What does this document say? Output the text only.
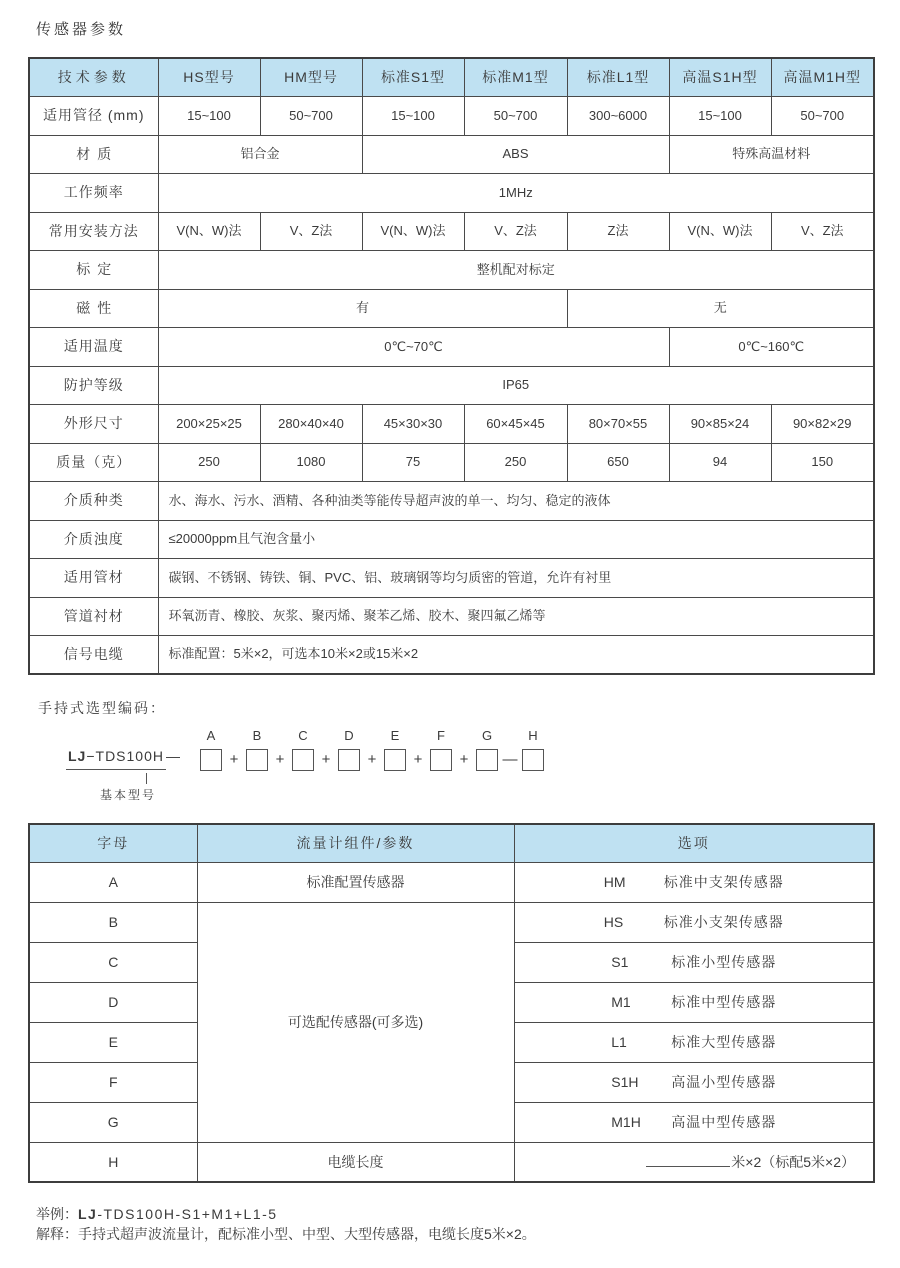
传感器参数
技术参数	HS型号	HM型号	标准S1型	标准M1型	标准L1型	高温S1H型	高温M1H型
适用管径 (mm)	15~100	50~700	15~100	50~700	300~6000	15~100	50~700
材质	铝合金		ABS			特殊高温材料	
工作频率	1MHz						
常用安装方法	V(N、W)法	V、Z法	V(N、W)法	V、Z法	Z法	V(N、W)法	V、Z法
标定	整机配对标定						
磁性	有				无		
适用温度	0℃~70℃					0℃~160℃	
防护等级	IP65						
外形尺寸	200×25×25	280×40×40	45×30×30	60×45×45	80×70×55	90×85×24	90×82×29
质量（克）	250	1080	75	250	650	94	150
介质种类	水、海水、污水、酒精、各种油类等能传导超声波的单一、均匀、稳定的液体						
介质浊度	≤20000ppm且气泡含量小						
适用管材	碳钢、不锈钢、铸铁、铜、PVC、铝、玻璃钢等均匀质密的管道，允许有衬里						
管道衬材	环氧沥青、橡胶、灰浆、聚丙烯、聚苯乙烯、胶木、聚四氟乙烯等						
信号电缆	标准配置：5米×2，可选本10米×2或15米×2						
手持式选型编码：
LJ−TDS100H —
基本型号
A
+
B
+
C
+
D
+
E
+
F
+
G
—
H
字母	流量计组件/参数	选项
A	标准配置传感器	HM 标准中支架传感器

B	可选配传感器(可多选)	HS 标准小支架传感器

C		S1 标准小型传感器

D		M1 标准中型传感器

E		L1 标准大型传感器

F		S1H 高温小型传感器

G		M1H 高温中型传感器

H	电缆长度	米×2（标配5米×2）
举例：LJ-TDS100H-S1+M1+L1-5
解释：手持式超声波流量计，配标准小型、中型、大型传感器，电缆长度5米×2。
